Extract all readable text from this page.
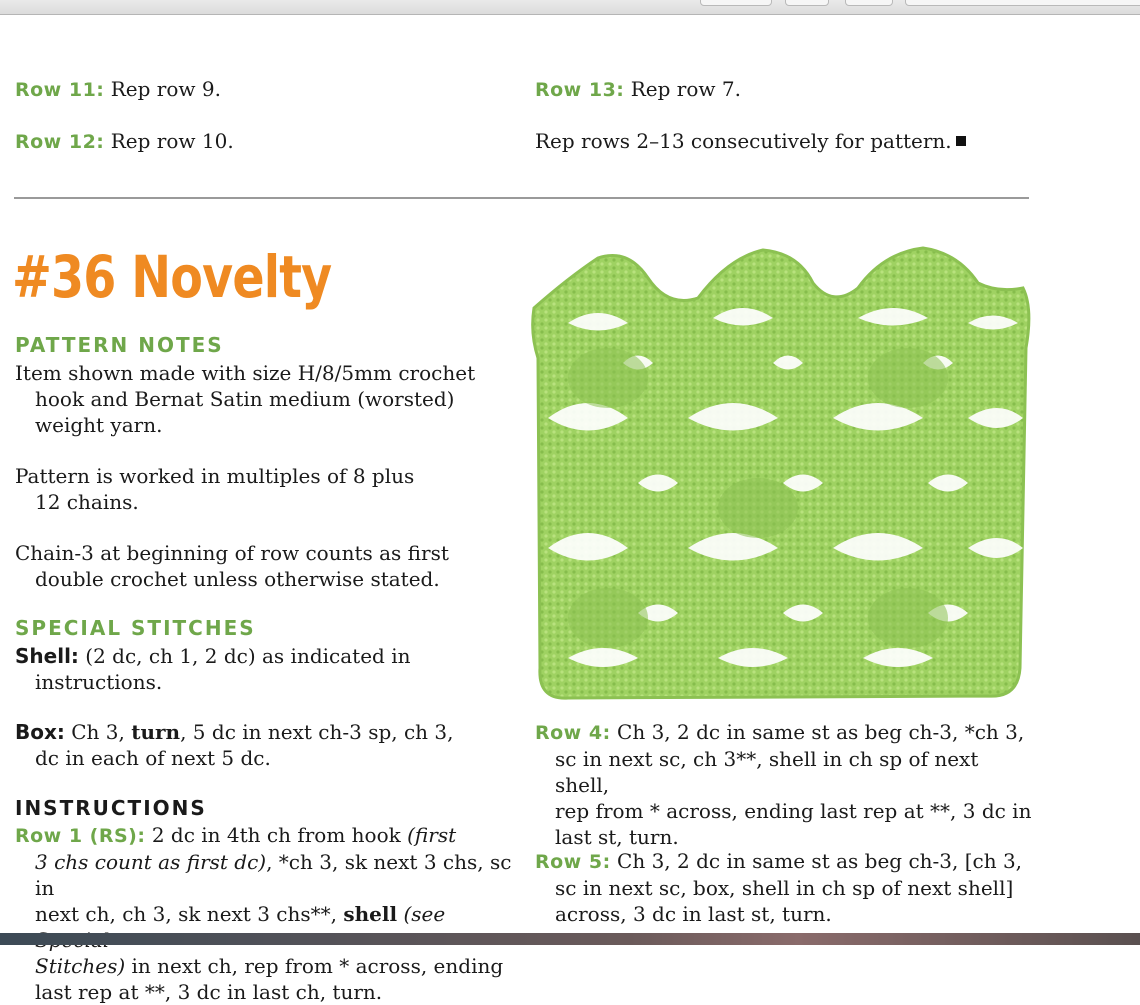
Row 11: Rep row 9.
Row 12: Rep row 10.
Row 13: Rep row 7.
Rep rows 2–13 consecutively for pattern.
#36 Novelty
PATTERN NOTES
Item shown made with size H/8/5mm crochet
hook and Bernat Satin medium (worsted)
weight yarn.
Pattern is worked in multiples of 8 plus
12 chains.
Chain-3 at beginning of row counts as first
double crochet unless otherwise stated.
SPECIAL STITCHES
Shell: (2 dc, ch 1, 2 dc) as indicated in
instructions.
Box: Ch 3, turn, 5 dc in next ch-3 sp, ch 3,
dc in each of next 5 dc.
INSTRUCTIONS
Row 1 (RS): 2 dc in 4th ch from hook (first
3 chs count as first dc), *ch 3, sk next 3 chs, sc in
next ch, ch 3, sk next 3 chs**, shell (see
Stitches) in next ch, rep from * across, ending
last rep at **, 3 dc in last ch, turn.
Row 4: Ch 3, 2 dc in same st as beg ch-3, *ch 3,
sc in next sc, ch 3**, shell in ch sp of next shell,
rep from * across, ending last rep at **, 3 dc in
last st, turn.
Row 5: Ch 3, 2 dc in same st as beg ch-3, [ch 3,
sc in next sc, box, shell in ch sp of next shell]
across, 3 dc in last st, turn.
